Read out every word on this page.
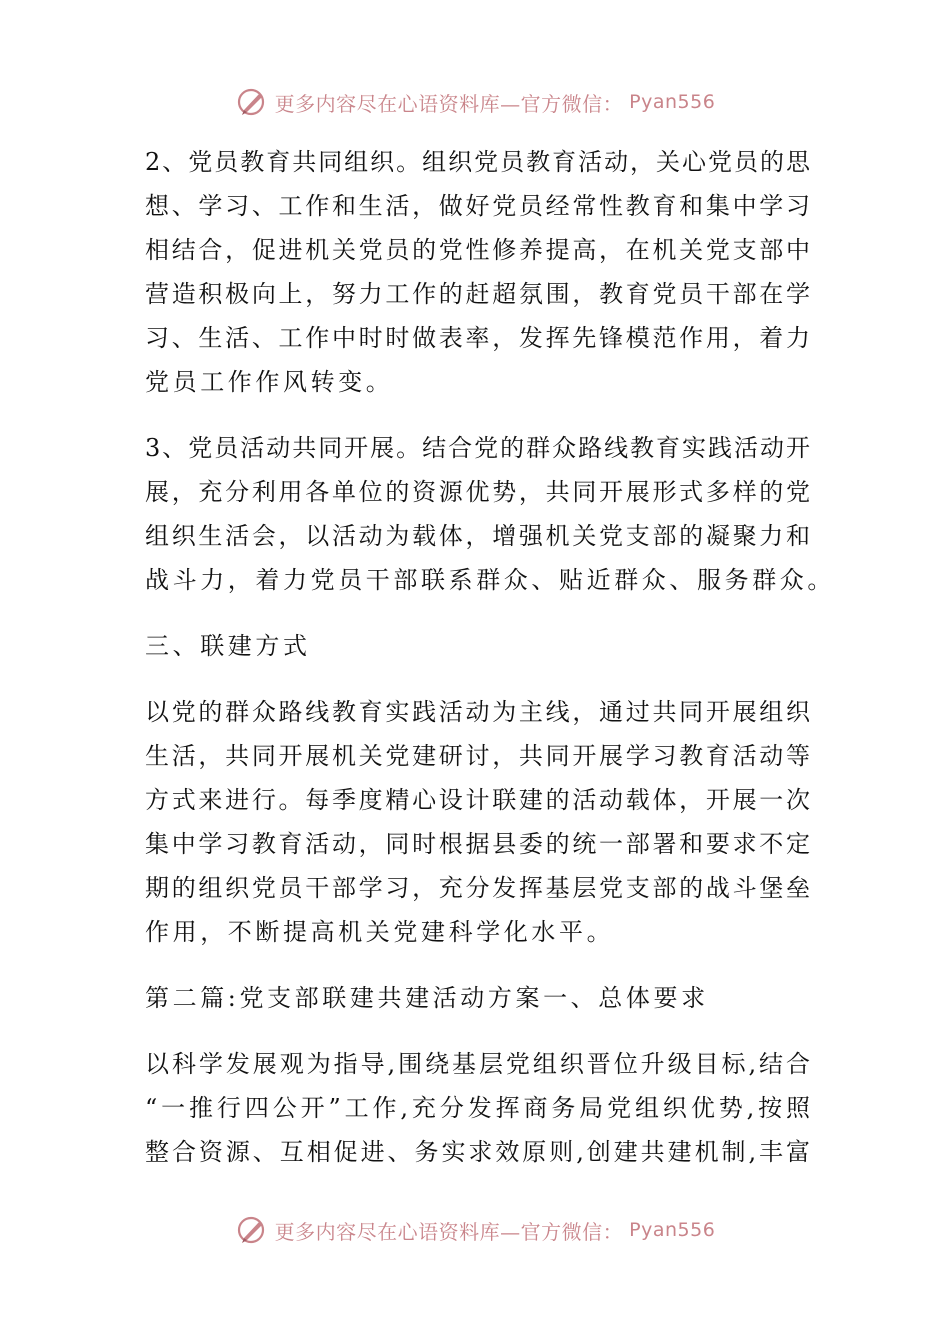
更多内容尽在心语资料库—官方微信： Pyan556

2、党员教育共同组织。组织党员教育活动，关心党员的思
想、学习、工作和生活，做好党员经常性教育和集中学习
相结合，促进机关党员的党性修养提高，在机关党支部中
营造积极向上，努力工作的赶超氛围，教育党员干部在学
习、生活、工作中时时做表率，发挥先锋模范作用，着力
党员工作作风转变。

3、党员活动共同开展。结合党的群众路线教育实践活动开
展，充分利用各单位的资源优势，共同开展形式多样的党
组织生活会，以活动为载体，增强机关党支部的凝聚力和
战斗力，着力党员干部联系群众、贴近群众、服务群众。

三、联建方式

以党的群众路线教育实践活动为主线，通过共同开展组织
生活，共同开展机关党建研讨，共同开展学习教育活动等
方式来进行。每季度精心设计联建的活动载体，开展一次
集中学习教育活动，同时根据县委的统一部署和要求不定
期的组织党员干部学习，充分发挥基层党支部的战斗堡垒
作用，不断提高机关党建科学化水平。

第二篇:党支部联建共建活动方案一、总体要求

以科学发展观为指导,围绕基层党组织晋位升级目标,结合
“一推行四公开”工作,充分发挥商务局党组织优势,按照
整合资源、互相促进、务实求效原则,创建共建机制,丰富

更多内容尽在心语资料库—官方微信： Pyan556
